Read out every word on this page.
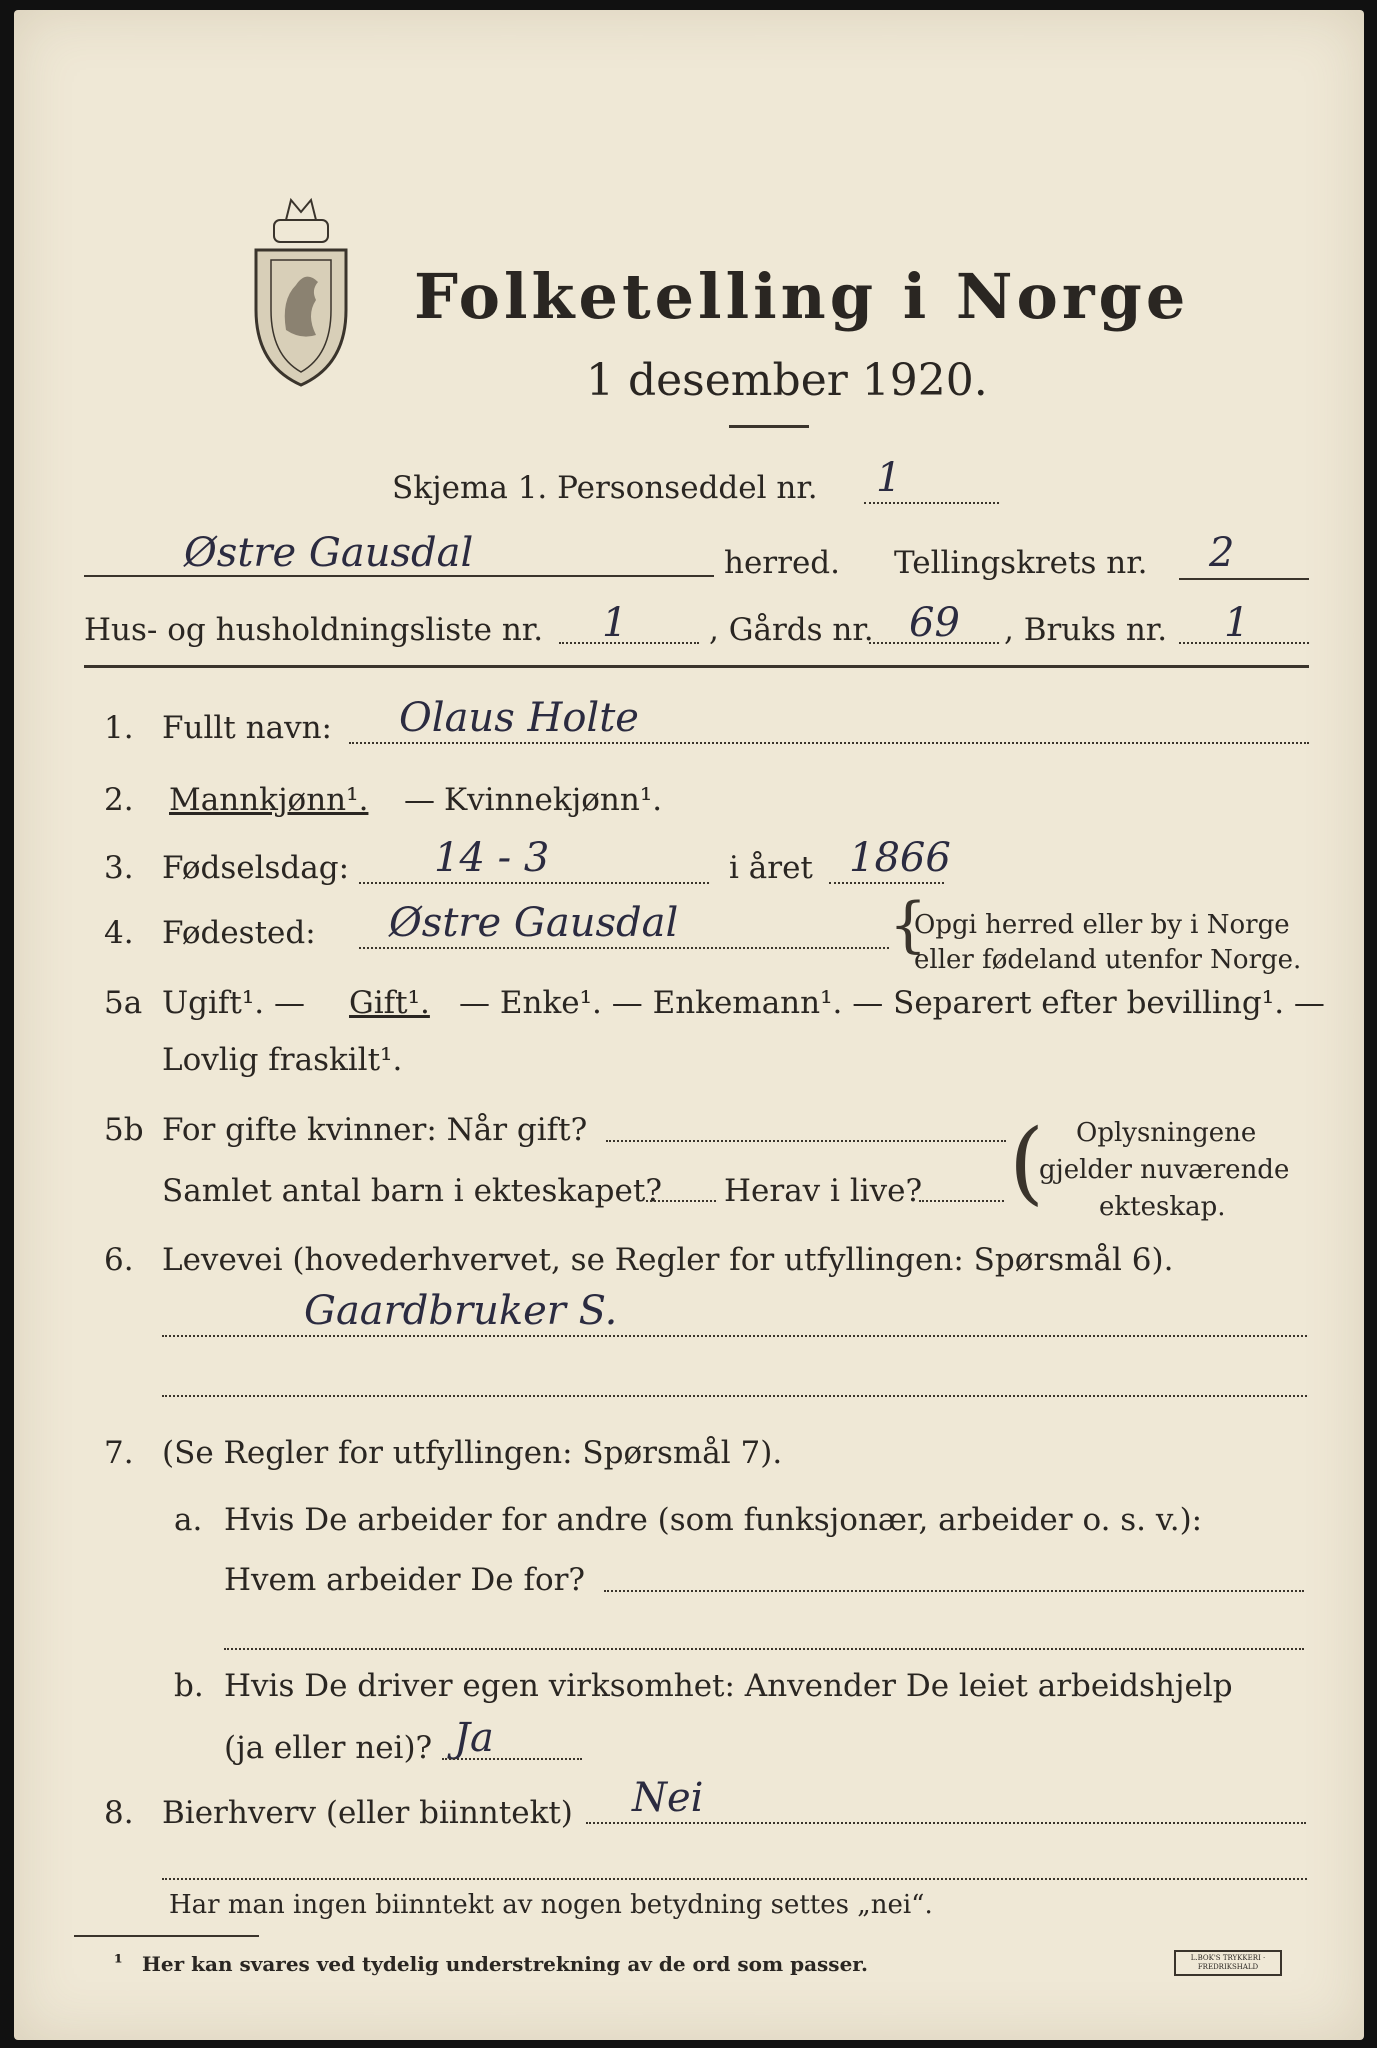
Folketelling i Norge
1 desember 1920.
Skjema 1. Personseddel nr. 1
Østre Gausdal	herred. Tellingskrets nr. 2
Hus- og husholdningsliste nr. 1	, Gårds nr. 69 , Bruks nr. 1
1. Fullt navn: Olaus Holte
2. Mannkjønn¹. — Kvinnekjønn¹.
3. Fødselsdag: 14 - 3	i året 1866
4. Fødested: Østre Gausdal	{
Opgi herred eller by i Norge
eller fødeland utenfor Norge.
5a Ugift¹. — Gift¹. — Enke¹. — Enkemann¹. — Separert efter bevilling¹. —
Lovlig fraskilt¹.
5b For gifte kvinner: Når gift?
Samlet antal barn i ekteskapet? Herav i live? ( Oplysningene
gjelder nuværende
ekteskap.
6. Levevei (hovederhvervet, se Regler for utfyllingen: Spørsmål 6).
Gaardbruker S.
7. (Se Regler for utfyllingen: Spørsmål 7).
a. Hvis De arbeider for andre (som funksjonær, arbeider o. s. v.):
Hvem arbeider De for?
b. Hvis De driver egen virksomhet: Anvender De leiet arbeidshjelp
(ja eller nei)? Ja
8. Bierhverv (eller biinntekt) Nei
Har man ingen biinntekt av nogen betydning settes „nei“.
¹ Her kan svares ved tydelig understrekning av de ord som passer.	L.BOK'S TRYKKERI · FREDRIKSHALD
